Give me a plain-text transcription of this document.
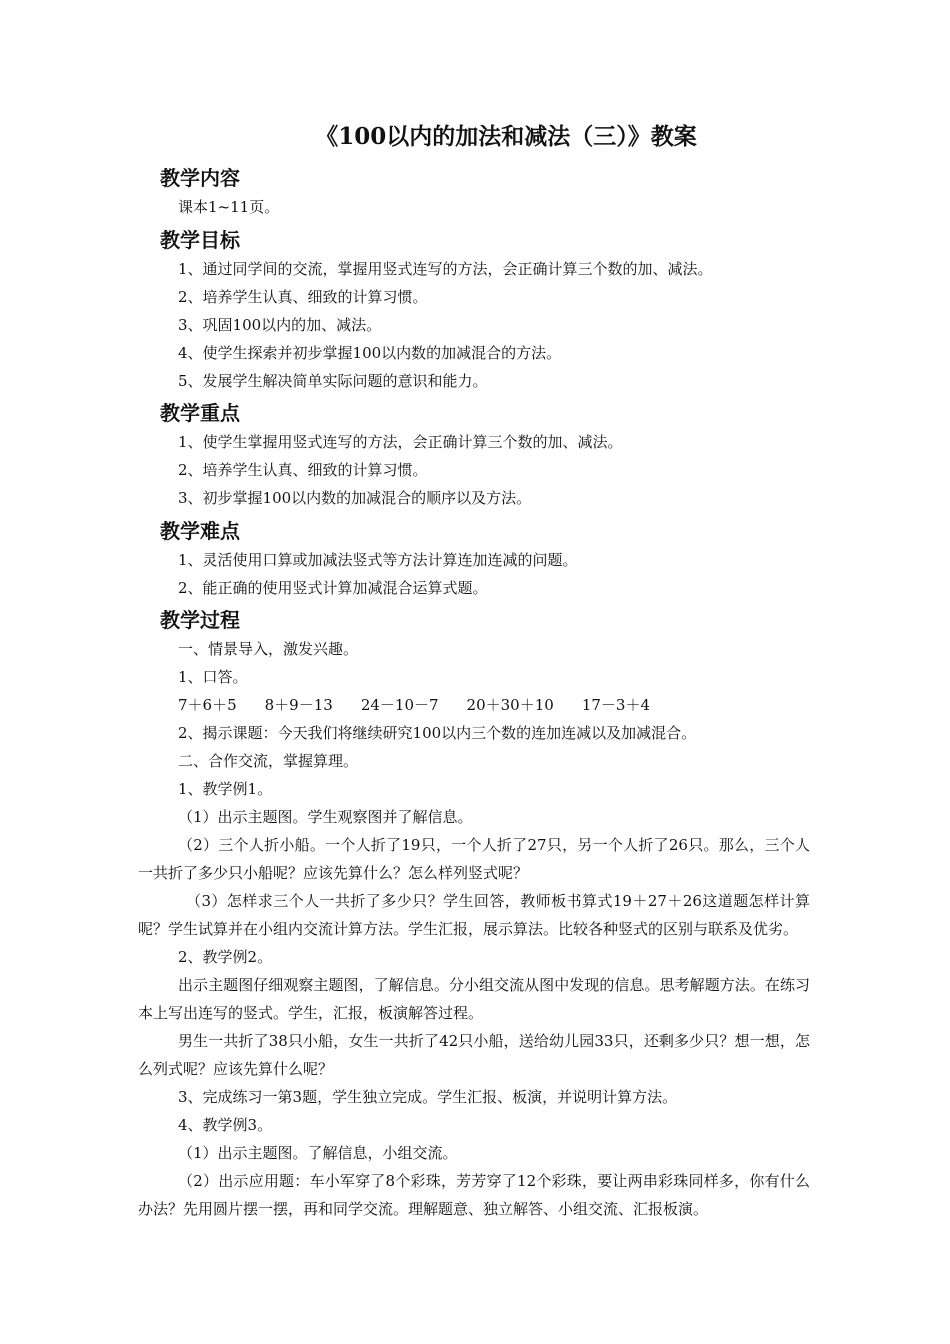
《100以内的加法和减法（三）》教案
教学内容
课本1~11页。
教学目标
1、通过同学间的交流，掌握用竖式连写的方法，会正确计算三个数的加、减法。
2、培养学生认真、细致的计算习惯。
3、巩固100以内的加、减法。
4、使学生探索并初步掌握100以内数的加减混合的方法。
5、发展学生解决简单实际问题的意识和能力。
教学重点
1、使学生掌握用竖式连写的方法，会正确计算三个数的加、减法。
2、培养学生认真、细致的计算习惯。
3、初步掌握100以内数的加减混合的顺序以及方法。
教学难点
1、灵活使用口算或加减法竖式等方法计算连加连减的问题。
2、能正确的使用竖式计算加减混合运算式题。
教学过程
一、情景导入，激发兴趣。
1、口答。
7＋6＋5 8＋9－13 24－10－7 20＋30＋10 17－3＋4
2、揭示课题：今天我们将继续研究100以内三个数的连加连减以及加减混合。
二、合作交流，掌握算理。
1、教学例1。
（1）出示主题图。学生观察图并了解信息。
（2）三个人折小船。一个人折了19只，一个人折了27只，另一个人折了26只。那么，三个人一共折了多少只小船呢？应该先算什么？怎么样列竖式呢？
（3）怎样求三个人一共折了多少只？学生回答，教师板书算式19＋27＋26这道题怎样计算呢？学生试算并在小组内交流计算方法。学生汇报，展示算法。比较各种竖式的区别与联系及优劣。
2、教学例2。
出示主题图仔细观察主题图，了解信息。分小组交流从图中发现的信息。思考解题方法。在练习本上写出连写的竖式。学生，汇报，板演解答过程。
男生一共折了38只小船，女生一共折了42只小船，送给幼儿园33只，还剩多少只？想一想，怎么列式呢？应该先算什么呢？
3、完成练习一第3题，学生独立完成。学生汇报、板演，并说明计算方法。
4、教学例3。
（1）出示主题图。了解信息，小组交流。
（2）出示应用题：车小军穿了8个彩珠，芳芳穿了12个彩珠，要让两串彩珠同样多，你有什么办法？先用圆片摆一摆，再和同学交流。理解题意、独立解答、小组交流、汇报板演。
